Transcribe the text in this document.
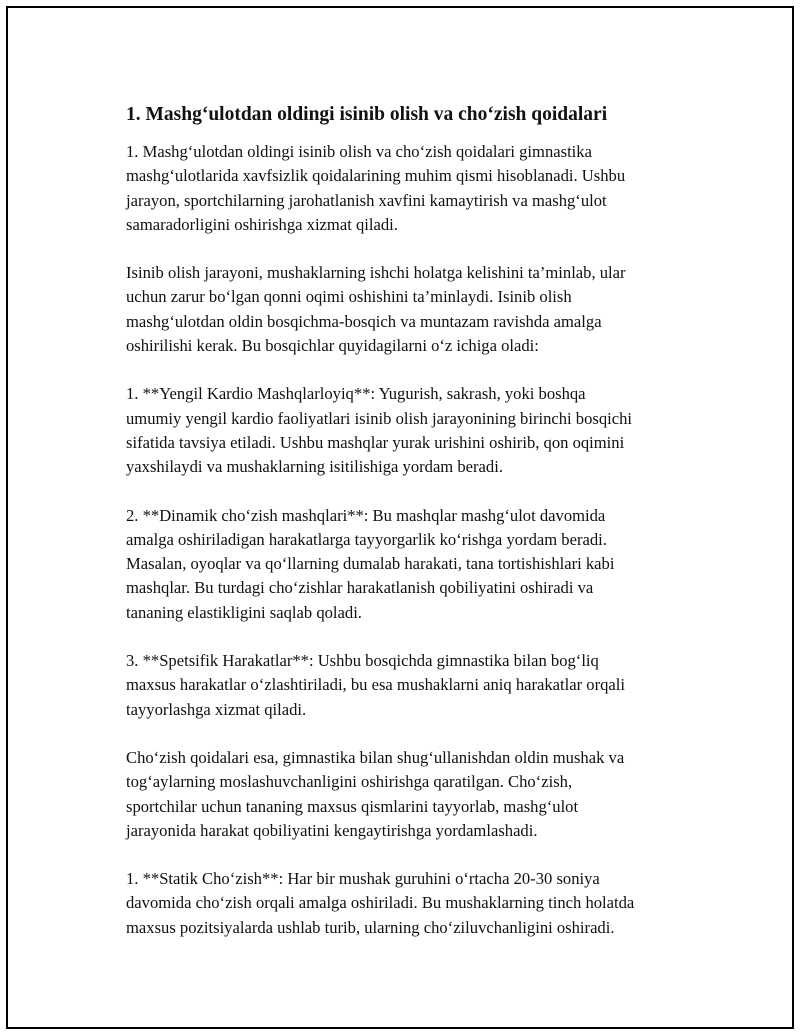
1. Mashg‘ulotdan oldingi isinib olish va cho‘zish qoidalari

1. Mashg‘ulotdan oldingi isinib olish va cho‘zish qoidalari gimnastika
mashg‘ulotlarida xavfsizlik qoidalarining muhim qismi hisoblanadi. Ushbu
jarayon, sportchilarning jarohatlanish xavfini kamaytirish va mashg‘ulot
samaradorligini oshirishga xizmat qiladi.

Isinib olish jarayoni, mushaklarning ishchi holatga kelishini ta’minlab, ular
uchun zarur bo‘lgan qonni oqimi oshishini ta’minlaydi. Isinib olish
mashg‘ulotdan oldin bosqichma-bosqich va muntazam ravishda amalga
oshirilishi kerak. Bu bosqichlar quyidagilarni o‘z ichiga oladi:

1. **Yengil Kardio Mashqlarloyiq**: Yugurish, sakrash, yoki boshqa
umumiy yengil kardio faoliyatlari isinib olish jarayonining birinchi bosqichi
sifatida tavsiya etiladi. Ushbu mashqlar yurak urishini oshirib, qon oqimini
yaxshilaydi va mushaklarning isitilishiga yordam beradi.

2. **Dinamik cho‘zish mashqlari**: Bu mashqlar mashg‘ulot davomida
amalga oshiriladigan harakatlarga tayyorgarlik ko‘rishga yordam beradi.
Masalan, oyoqlar va qo‘llarning dumalab harakati, tana tortishishlari kabi
mashqlar. Bu turdagi cho‘zishlar harakatlanish qobiliyatini oshiradi va
tananing elastikligini saqlab qoladi.

3. **Spetsifik Harakatlar**: Ushbu bosqichda gimnastika bilan bog‘liq
maxsus harakatlar o‘zlashtiriladi, bu esa mushaklarni aniq harakatlar orqali
tayyorlashga xizmat qiladi.

Cho‘zish qoidalari esa, gimnastika bilan shug‘ullanishdan oldin mushak va
tog‘aylarning moslashuvchanligini oshirishga qaratilgan. Cho‘zish,
sportchilar uchun tananing maxsus qismlarini tayyorlab, mashg‘ulot
jarayonida harakat qobiliyatini kengaytirishga yordamlashadi.

1. **Statik Cho‘zish**: Har bir mushak guruhini o‘rtacha 20-30 soniya
davomida cho‘zish orqali amalga oshiriladi. Bu mushaklarning tinch holatda
maxsus pozitsiyalarda ushlab turib, ularning cho‘ziluvchanligini oshiradi.
